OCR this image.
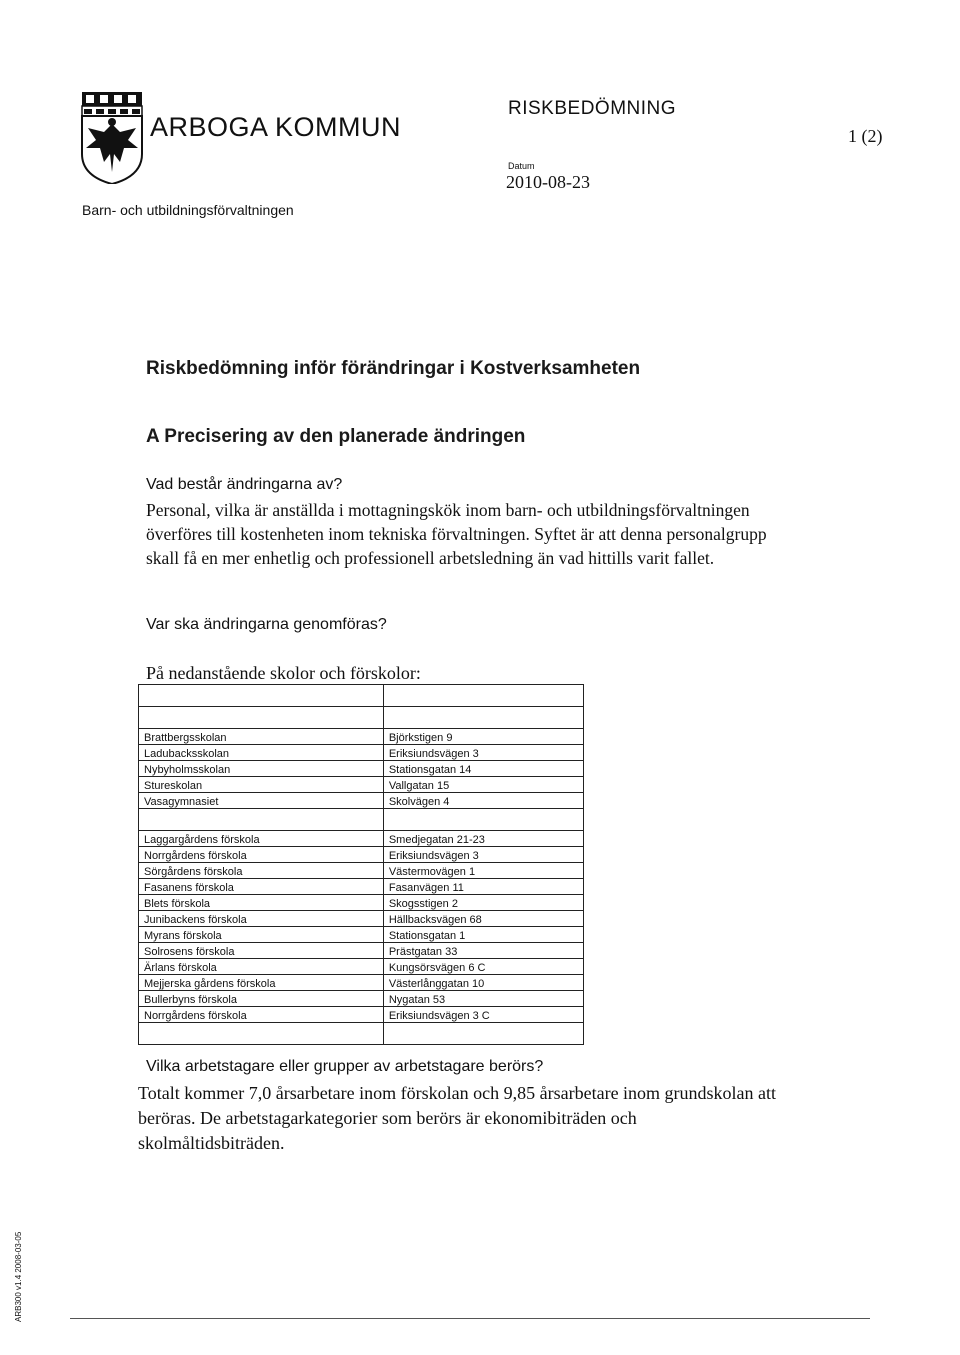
ARBOGA KOMMUN
Barn- och utbildningsförvaltningen
RISKBEDÖMNING
Datum
2010-08-23
1 (2)
Riskbedömning inför förändringar i Kostverksamheten
A Precisering av den planerade ändringen
Vad består ändringarna av?
Personal, vilka är anställda i mottagningskök inom barn- och utbildningsförvaltningen överföres till kostenheten inom tekniska förvaltningen. Syftet är att denna personalgrupp skall få en mer enhetlig och professionell arbetsledning än vad hittills varit fallet.
Var ska ändringarna genomföras?
På nedanstående skolor och förskolor:

Brattbergsskolan	Björkstigen 9
Ladubacksskolan	Eriksiundsvägen 3
Nybyholmsskolan	Stationsgatan 14
Stureskolan	Vallgatan 15
Vasagymnasiet	Skolvägen 4

Laggargårdens förskola	Smedjegatan 21-23
Norrgårdens förskola	Eriksiundsvägen 3
Sörgårdens förskola	Västermovägen 1
Fasanens förskola	Fasanvägen 11
Blets förskola	Skogsstigen 2
Junibackens förskola	Hällbacksvägen 68
Myrans förskola	Stationsgatan 1
Solrosens förskola	Prästgatan 33
Ärlans förskola	Kungsörsvägen 6 C
Mejjerska gårdens förskola	Västerlånggatan 10
Bullerbyns förskola	Nygatan 53
Norrgårdens förskola	Eriksiundsvägen 3 C

Vilka arbetstagare eller grupper av arbetstagare berörs?
Totalt kommer 7,0 årsarbetare inom förskolan och 9,85 årsarbetare inom grundskolan att beröras. De arbetstagarkategorier som berörs är ekonomibiträden och skolmåltidsbiträden.
ARB300 v1.4 2008-03-05
